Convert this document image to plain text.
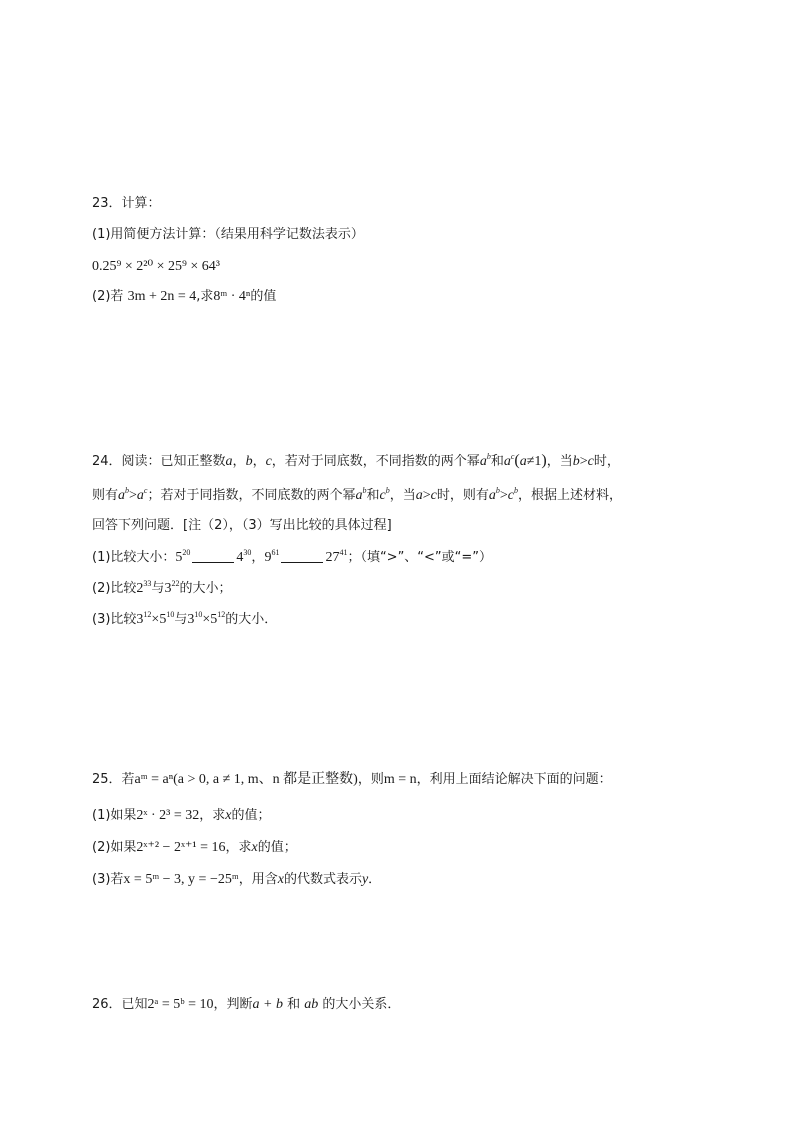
23．计算：
(1)用简便方法计算：（结果用科学记数法表示）
0.25⁹ × 2²⁰ × 25⁹ × 64³
(2)若 3m + 2n = 4,求8ᵐ · 4ⁿ的值
24．阅读：已知正整数a，b，c，若对于同底数，不同指数的两个幂$a^b$和$a^c(a\ne 1)$，当b>c时，
则有$a^b>a^c$；若对于同指数，不同底数的两个幂$a^b$和$c^b$，当a>c时，则有$a^b>c^b$，根据上述材料，
回答下列问题．[注（2），（3）写出比较的具体过程]
(1)比较大小：$5^{20}$	$4^{30}$，$9^{61}$	$27^{41}$；（填“>”、“<”或“=”）
(2)比较$2^{33}$与$3^{22}$的大小；
(3)比较$3^{12}\times 5^{10}$与$3^{10}\times 5^{12}$的大小．
25．若aᵐ = aⁿ(a > 0, a ≠ 1, m、n 都是正整数)，则m = n，利用上面结论解决下面的问题：
(1)如果2ˣ · 2³ = 32，求x的值；
(2)如果2ˣ⁺² − 2ˣ⁺¹ = 16，求x的值；
(3)若x = 5ᵐ − 3, y = −25ᵐ，用含x的代数式表示y．
26．已知2ᵃ = 5ᵇ = 10，判断a + b 和 ab 的大小关系．
